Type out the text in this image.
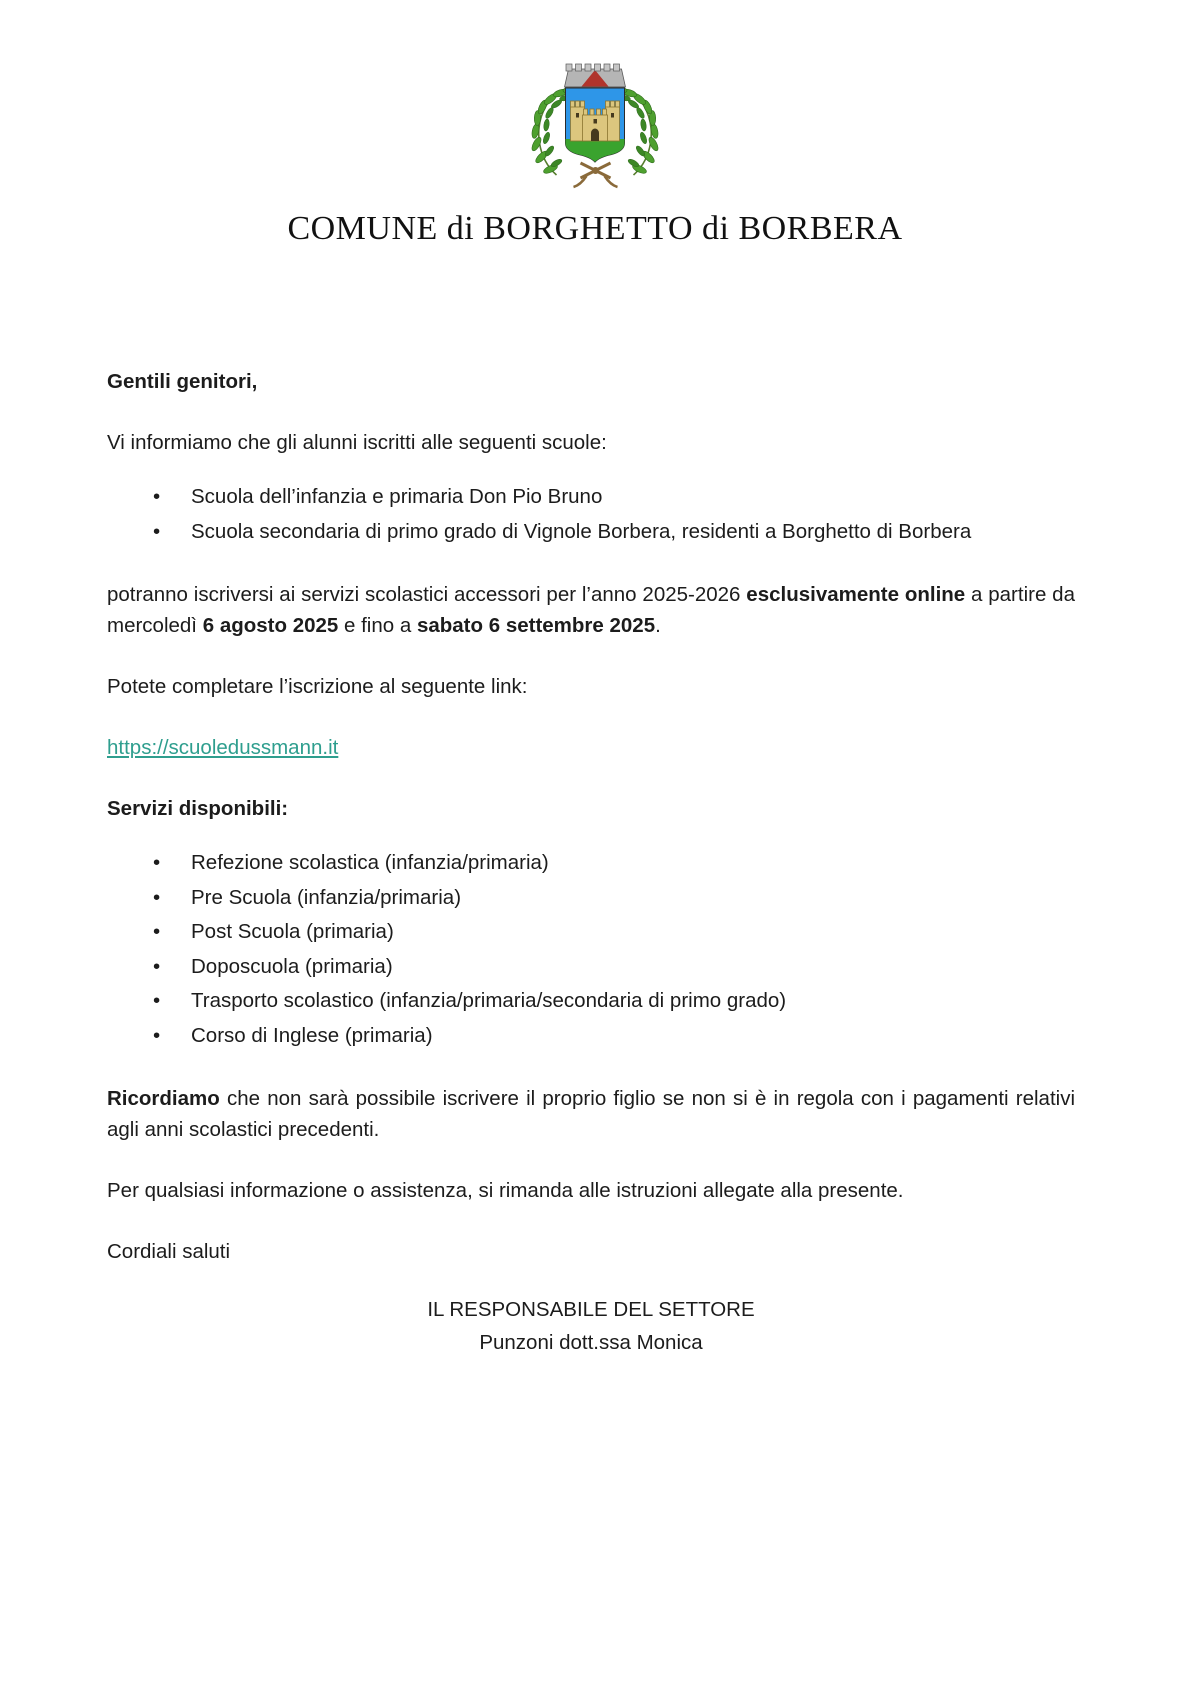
COMUNE di BORGHETTO di BORBERA

Gentili genitori,

Vi informiamo che gli alunni iscritti alle seguenti scuole:

• Scuola dell’infanzia e primaria Don Pio Bruno
• Scuola secondaria di primo grado di Vignole Borbera, residenti a Borghetto di Borbera

potranno iscriversi ai servizi scolastici accessori per l’anno 2025-2026 esclusivamente online a partire da mercoledì 6 agosto 2025 e fino a sabato 6 settembre 2025.

Potete completare l’iscrizione al seguente link:

https://scuoledussmann.it

Servizi disponibili:

• Refezione scolastica (infanzia/primaria)
• Pre Scuola (infanzia/primaria)
• Post Scuola (primaria)
• Doposcuola (primaria)
• Trasporto scolastico (infanzia/primaria/secondaria di primo grado)
• Corso di Inglese (primaria)

Ricordiamo che non sarà possibile iscrivere il proprio figlio se non si è in regola con i pagamenti relativi agli anni scolastici precedenti.

Per qualsiasi informazione o assistenza, si rimanda alle istruzioni allegate alla presente.

Cordiali saluti

IL RESPONSABILE DEL SETTORE
Punzoni dott.ssa Monica
